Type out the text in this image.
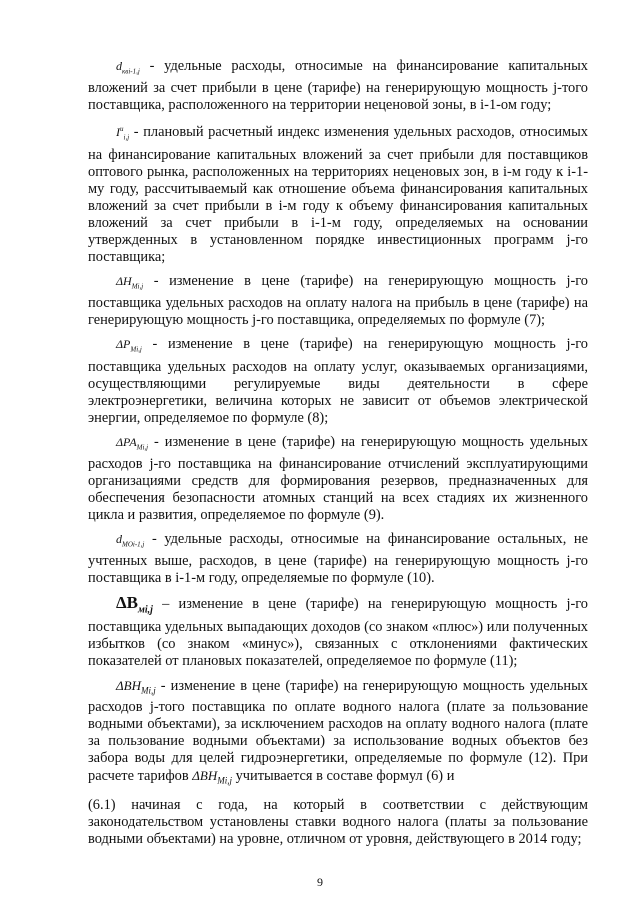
$d_{квi-1,j}$ - удельные расходы, относимые на финансирование капитальных вложений за счет прибыли в цене (тарифе) на генерирующую мощность j-того поставщика, расположенного на территории неценовой зоны, в i-1-ом году;

$I^и_{i,j}$ - плановый расчетный индекс изменения удельных расходов, относимых на финансирование капитальных вложений за счет прибыли для поставщиков оптового рынка, расположенных на территориях неценовых зон, в i-м году к i-1-му году, рассчитываемый как отношение объема финансирования капитальных вложений за счет прибыли в i-м году к объему финансирования капитальных вложений за счет прибыли в i-1-м году, определяемых на основании утвержденных в установленном порядке инвестиционных программ j-го поставщика;

$\Delta Н_{Мi,j}$ - изменение в цене (тарифе) на генерирующую мощность j-го поставщика удельных расходов на оплату налога на прибыль в цене (тарифе) на генерирующую мощность j-го поставщика, определяемых по формуле (7);

$\Delta Р_{Мi,j}$ - изменение в цене (тарифе) на генерирующую мощность j-го поставщика удельных расходов на оплату услуг, оказываемых организациями, осуществляющими регулируемые виды деятельности в сфере электроэнергетики, величина которых не зависит от объемов электрической энергии, определяемое по формуле (8);

$\Delta РА_{Мi,j}$ - изменение в цене (тарифе) на генерирующую мощность удельных расходов j-го поставщика на финансирование отчислений эксплуатирующими организациями средств для формирования резервов, предназначенных для обеспечения безопасности атомных станций на всех стадиях их жизненного цикла и развития, определяемое по формуле (9).

$d_{МОi-1,j}$ - удельные расходы, относимые на финансирование остальных, не учтенных выше, расходов, в цене (тарифе) на генерирующую мощность j-го поставщика в i-1-м году, определяемые по формуле (10).

$\Delta В_{мi,j}$ – изменение в цене (тарифе) на генерирующую мощность j-го поставщика удельных выпадающих доходов (со знаком «плюс») или полученных избытков (со знаком «минус»), связанных с отклонениями фактических показателей от плановых показателей, определяемое по формуле (11);

$\Delta ВН_{Мi,j}$ - изменение в цене (тарифе) на генерирующую мощность удельных расходов j-того поставщика по оплате водного налога (плате за пользование водными объектами), за исключением расходов на оплату водного налога (плате за пользование водными объектами) за использование водных объектов без забора воды для целей гидроэнергетики, определяемые по формуле (12). При расчете тарифов $\Delta ВН_{Мi,j}$ учитывается в составе формул (6) и

(6.1) начиная с года, на который в соответствии с действующим законодательством установлены ставки водного налога (платы за пользование водными объектами) на уровне, отличном от уровня, действующего в 2014 году;

9
